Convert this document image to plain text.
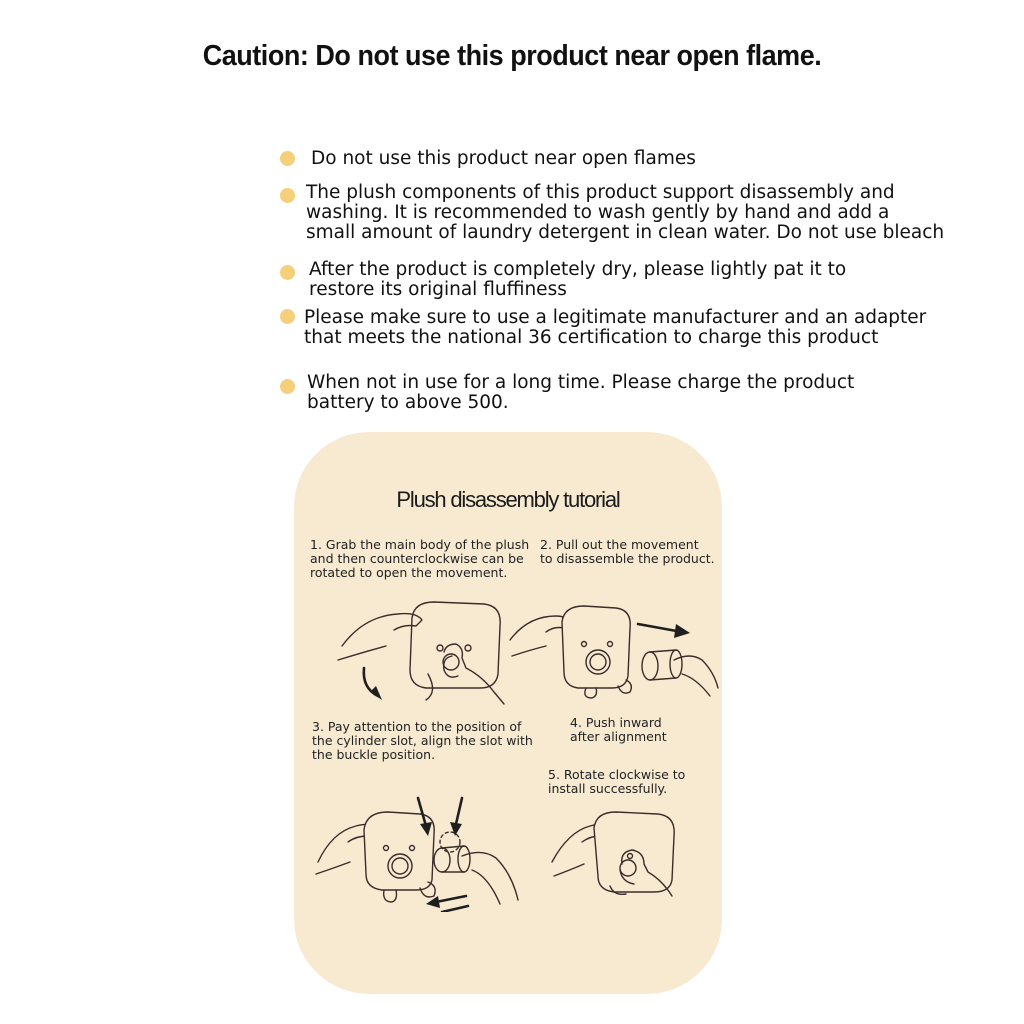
Caution: Do not use this product near open flame.
Do not use this product near open flames
The plush components of this product support disassembly and
washing. It is recommended to wash gently by hand and add a
small amount of laundry detergent in clean water. Do not use bleach
After the product is completely dry, please lightly pat it to
restore its original fluffiness
Please make sure to use a legitimate manufacturer and an adapter
that meets the national 36 certification to charge this product
When not in use for a long time. Please charge the product
battery to above 500.
Plush disassembly tutorial
1. Grab the main body of the plush
and then counterclockwise can be
rotated to open the movement.
2. Pull out the movement
to disassemble the product.
3. Pay attention to the position of
the cylinder slot, align the slot with
the buckle position.
4. Push inward
after alignment
5. Rotate clockwise to
install successfully.
